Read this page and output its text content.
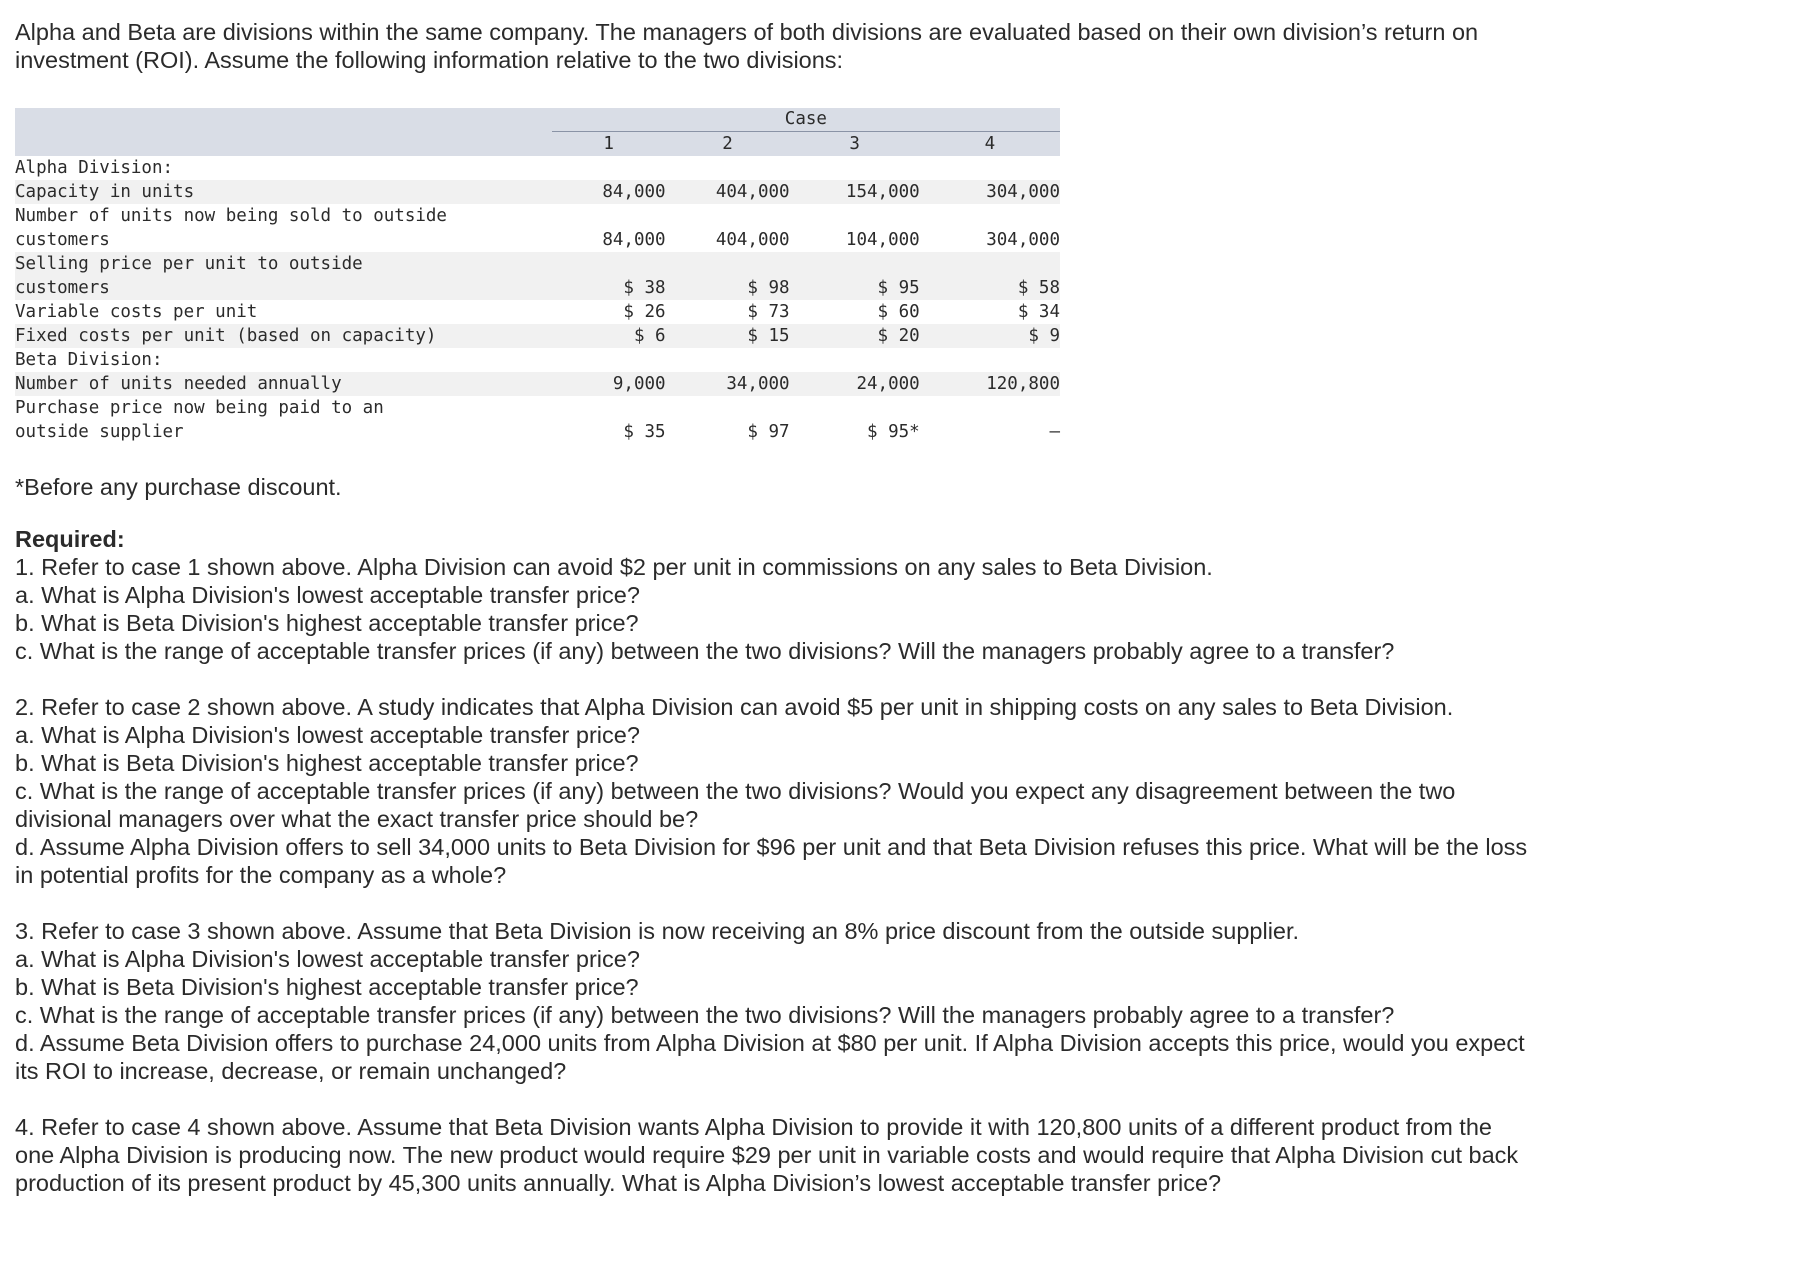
Alpha and Beta are divisions within the same company. The managers of both divisions are evaluated based on their own division’s return on investment (ROI). Assume the following information relative to the two divisions:

	Case			
	1	2	3	4
Alpha Division:				
Capacity in units	84,000	404,000	154,000	304,000
Number of units now being sold to outside				
customers	84,000	404,000	104,000	304,000
Selling price per unit to outside				
customers	$ 38	$ 98	$ 95	$ 58
Variable costs per unit	$ 26	$ 73	$ 60	$ 34
Fixed costs per unit (based on capacity)	$ 6	$ 15	$ 20	$ 9
Beta Division:				
Number of units needed annually	9,000	34,000	24,000	120,800
Purchase price now being paid to an				
outside supplier	$ 35	$ 97	$ 95*	–
*Before any purchase discount.

Required:

1. Refer to case 1 shown above. Alpha Division can avoid $2 per unit in commissions on any sales to Beta Division.

a. What is Alpha Division's lowest acceptable transfer price?

b. What is Beta Division's highest acceptable transfer price?

c. What is the range of acceptable transfer prices (if any) between the two divisions? Will the managers probably agree to a transfer?

2. Refer to case 2 shown above. A study indicates that Alpha Division can avoid $5 per unit in shipping costs on any sales to Beta Division.

a. What is Alpha Division's lowest acceptable transfer price?

b. What is Beta Division's highest acceptable transfer price?

c. What is the range of acceptable transfer prices (if any) between the two divisions? Would you expect any disagreement between the two divisional managers over what the exact transfer price should be?

d. Assume Alpha Division offers to sell 34,000 units to Beta Division for $96 per unit and that Beta Division refuses this price. What will be the loss in potential profits for the company as a whole?

3. Refer to case 3 shown above. Assume that Beta Division is now receiving an 8% price discount from the outside supplier.

a. What is Alpha Division's lowest acceptable transfer price?

b. What is Beta Division's highest acceptable transfer price?

c. What is the range of acceptable transfer prices (if any) between the two divisions? Will the managers probably agree to a transfer?

d. Assume Beta Division offers to purchase 24,000 units from Alpha Division at $80 per unit. If Alpha Division accepts this price, would you expect its ROI to increase, decrease, or remain unchanged?

4. Refer to case 4 shown above. Assume that Beta Division wants Alpha Division to provide it with 120,800 units of a different product from the one Alpha Division is producing now. The new product would require $29 per unit in variable costs and would require that Alpha Division cut back production of its present product by 45,300 units annually. What is Alpha Division’s lowest acceptable transfer price?
